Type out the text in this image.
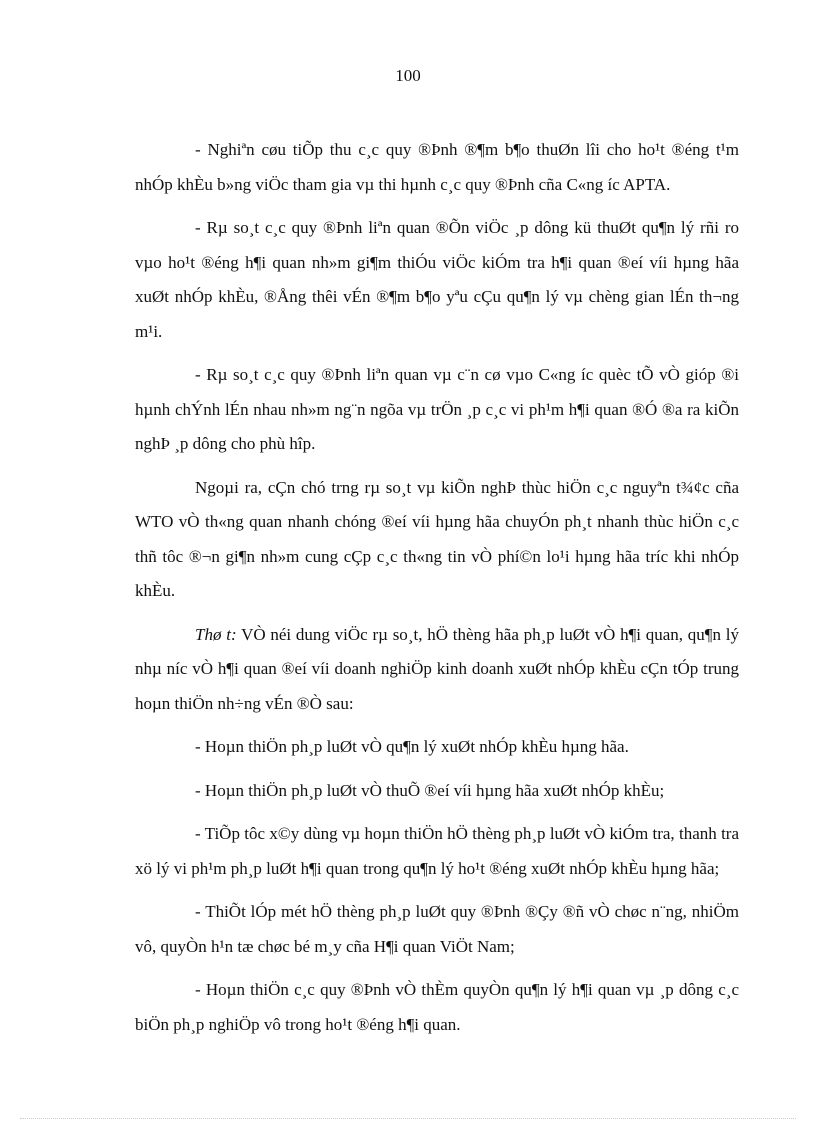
100

- Nghiªn cøu tiÕp thu c¸c quy ®Þnh ®¶m b¶o thuØn lîi cho ho¹t ®éng t¹m nhÓp khÈu b»ng viÖc tham gia vµ thi hµnh c¸c quy ®Þnh cña C«ng íc APTA.

- Rµ so¸t c¸c quy ®Þnh liªn quan ®Õn viÖc ¸p dông kü thuØt qu¶n lý rñi ro vµo ho¹t ®éng h¶i quan nh»m gi¶m thiÓu viÖc kiÓm tra h¶i quan ®eí víi hµng hãa xuØt nhÓp khÈu, ®Ång thêi vÉn ®¶m b¶o yªu cÇu qu¶n lý vµ chèng gian lÉn th¬ng m¹i.

- Rµ so¸t c¸c quy ®Þnh liªn quan vµ c¨n cø vµo C«ng íc quèc tÕ vÒ gióp ®i hµnh chÝnh lÉn nhau nh»m ng¨n ngõa vµ trÖn ¸p c¸c vi ph¹m h¶i quan ®Ó ®a ra kiÕn nghÞ ¸p dông cho phù hîp.

Ngoµi ra, cÇn chó trng rµ so¸t vµ kiÕn nghÞ thùc hiÖn c¸c nguyªn t¾¢c cña WTO vÒ th«ng quan nhanh chóng ®eí víi hµng hãa chuyÓn ph¸t nhanh thùc hiÖn c¸c thñ tôc ®¬n gi¶n nh»m cung cÇp c¸c th«ng tin vÒ phí©n lo¹i hµng hãa tríc khi nhÓp khÈu.

Thø t: VÒ néi dung viÖc rµ so¸t, hÖ thèng hãa ph¸p luØt vÒ h¶i quan, qu¶n lý nhµ níc vÒ h¶i quan ®eí víi doanh nghiÖp kinh doanh xuØt nhÓp khÈu cÇn tÓp trung hoµn thiÖn nh÷ng vÉn ®Ò sau:

- Hoµn thiÖn ph¸p luØt vÒ qu¶n lý xuØt nhÓp khÈu hµng hãa.

- Hoµn thiÖn ph¸p luØt vÒ thuÕ ®eí víi hµng hãa xuØt nhÓp khÈu;

- TiÕp tôc x©y dùng vµ hoµn thiÖn hÖ thèng ph¸p luØt vÒ kiÓm tra, thanh tra xö lý vi ph¹m ph¸p luØt h¶i quan trong qu¶n lý ho¹t ®éng xuØt nhÓp khÈu hµng hãa;

- ThiÕt lÓp mét hÖ thèng ph¸p luØt quy ®Þnh ®Çy ®ñ vÒ chøc n¨ng, nhiÖm vô, quyÒn h¹n tæ chøc bé m¸y cña H¶i quan ViÖt Nam;

- Hoµn thiÖn c¸c quy ®Þnh vÒ thÈm quyÒn qu¶n lý h¶i quan vµ ¸p dông c¸c biÖn ph¸p nghiÖp vô trong ho¹t ®éng h¶i quan.
